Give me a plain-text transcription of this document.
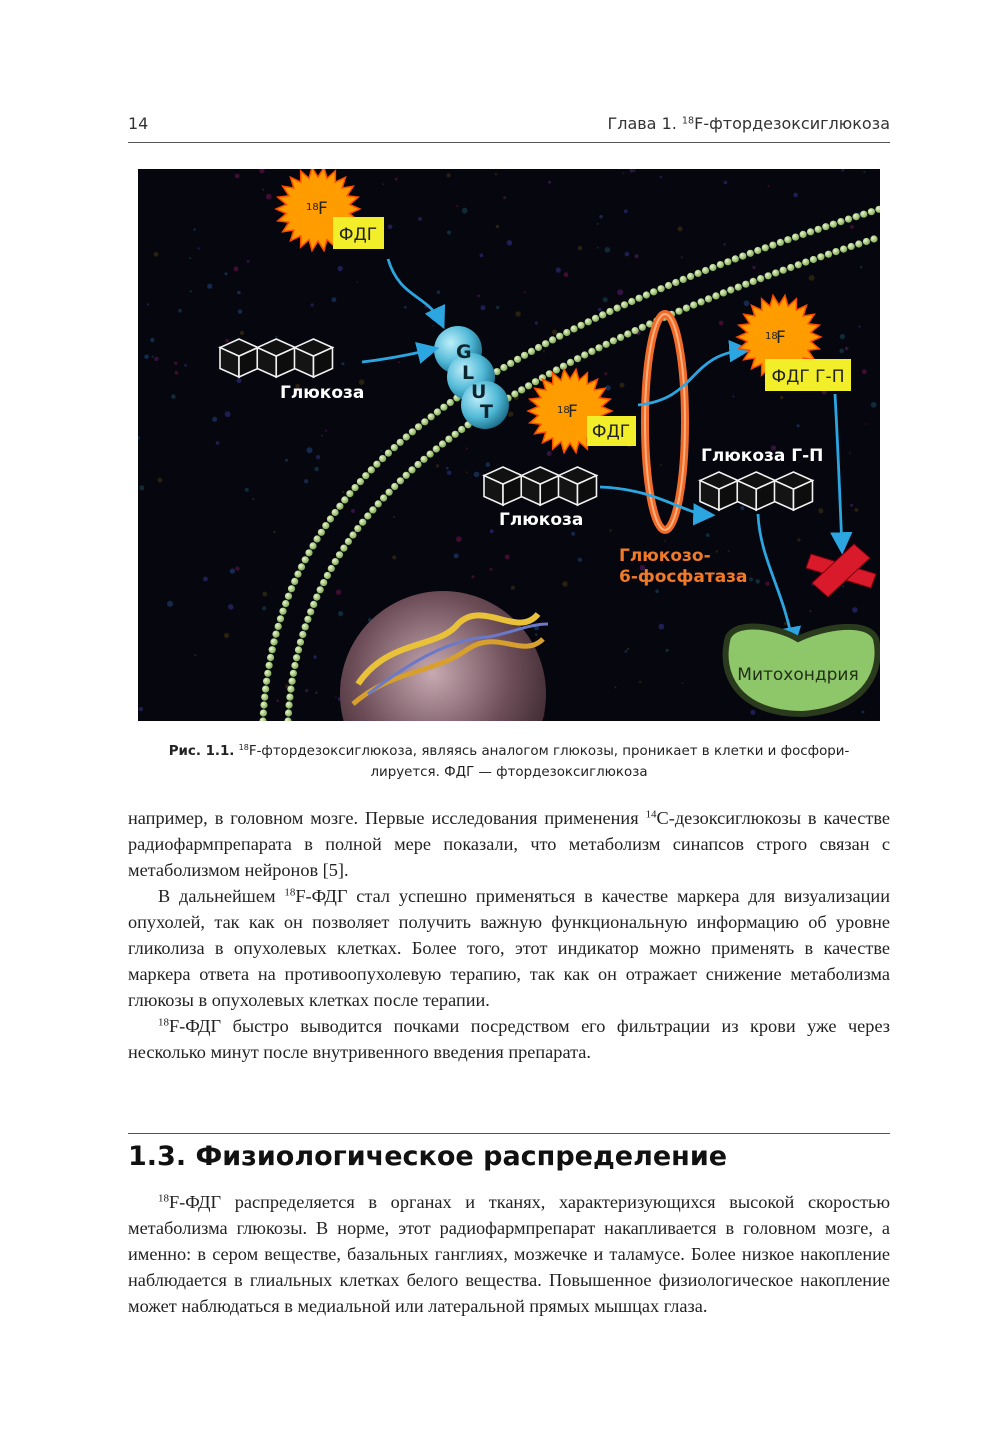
14	Глава 1. $^{18}$F-фтордезоксиглюкоза
G
L
U
T
18 F
ФДГ
18
F
ФДГ
18
F
ФДГ Г-П
Глюкоза
Глюкоза
Глюкоза Г-П
Глюкозо-
6-фосфатаза
Митохондрия
Рис. 1.1. $^{18}$F-фтордезоксиглюкоза, являясь аналогом глюкозы, проникает в клетки и фосфори-
лируется. ФДГ — фтордезоксиглюкоза

например, в головном мозге. Первые исследования применения $^{14}$С-дезоксиглюкозы в качестве радиофармпрепарата в полной мере показали, что метаболизм синапсов строго связан с метаболизмом нейронов [5].

В дальнейшем $^{18}$F-ФДГ стал успешно применяться в качестве маркера для визуализации опухолей, так как он позволяет получить важную функциональную информацию об уровне гликолиза в опухолевых клетках. Более того, этот индикатор можно применять в качестве маркера ответа на противоопухолевую терапию, так как он отражает снижение метаболизма глюкозы в опухолевых клетках после терапии.

$^{18}$F-ФДГ быстро выводится почками посредством его фильтрации из крови уже через несколько минут после внутривенного введения препарата.

1.3. Физиологическое распределение

$^{18}$F-ФДГ распределяется в органах и тканях, характеризующихся высокой скоростью метаболизма глюкозы. В норме, этот радиофармпрепарат накапливается в головном мозге, а именно: в сером веществе, базальных ганглиях, мозжечке и таламусе. Более низкое накопление наблюдается в глиальных клетках белого вещества. Повышенное физиологическое накопление может наблюдаться в медиальной или латеральной прямых мышцах глаза.
